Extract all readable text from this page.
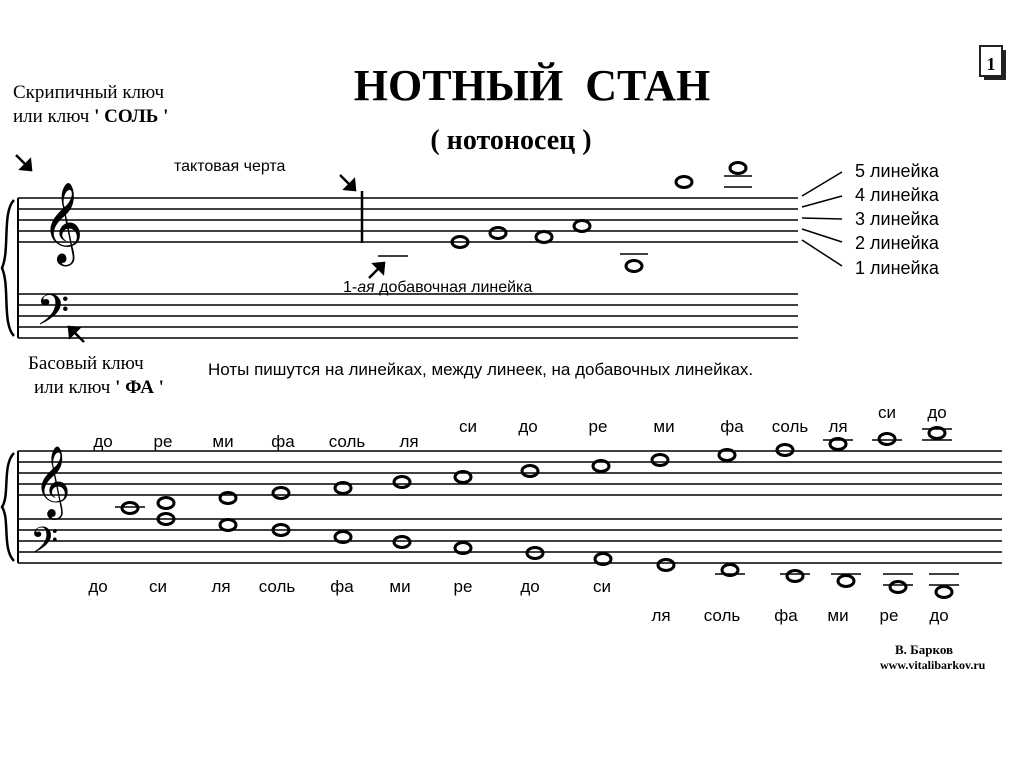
1
НОТНЫЙ  СТАН
( нотоносец )
Скрипичный ключ
или ключ ' СОЛЬ '
тактовая черта
𝄞
𝄢
5 линейка
4 линейка
3 линейка
2 линейка
1 линейка
1-ая добавочная линейка
Басовый ключ
или ключ ' ФА '
Ноты пишутся на линейках, между линеек, на добавочных линейках.
𝄞
𝄢
до ре ми фа соль ля
си до	ре	ми	фа соль ля
си до
до си	ля соль фа ми	ре	до	си
ля соль фа ми ре до
В. Барков
www.vitalibarkov.ru
